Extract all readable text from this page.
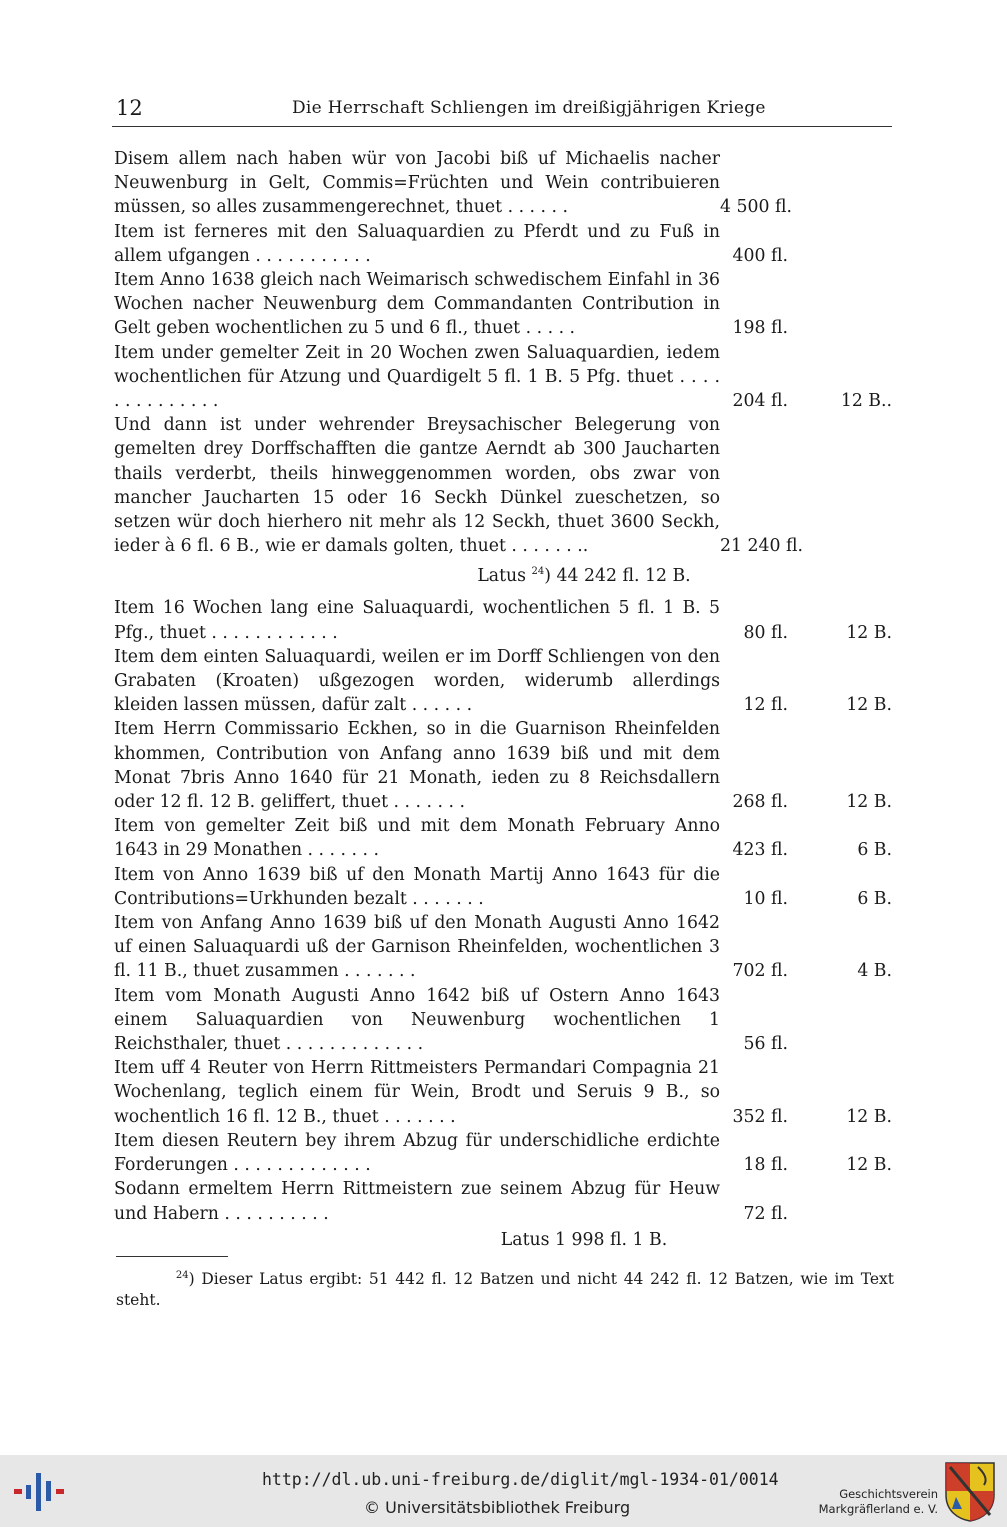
12	Die Herrschaft Schliengen im dreißigjährigen Kriege
Disem allem nach haben wür von Jacobi biß uf Michaelis nacher Neuwenburg in Gelt, Commis=Früchten und Wein contribuieren müssen, so alles zusammengerechnet, thuet . . . . . .	4 500 fl.
Item ist ferneres mit den Saluaquardien zu Pferdt und zu Fuß in allem ufgangen . . . . . . . . . . .	400 fl.
Item Anno 1638 gleich nach Weimarisch schwedischem Einfahl in 36 Wochen nacher Neuwenburg dem Commandanten Contribution in Gelt geben wochentlichen zu 5 und 6 fl., thuet . . . . .	198 fl.
Item under gemelter Zeit in 20 Wochen zwen Saluaquardien, iedem wochentlichen für Atzung und Quardigelt 5 fl. 1 B. 5 Pfg. thuet . . . . . . . . . . . . . .	204 fl.	12 B..
Und dann ist under wehrender Breysachischer Belegerung von gemelten drey Dorffschafften die gantze Aerndt ab 300 Jaucharten thails verderbt, theils hinweggenommen worden, obs zwar von mancher Jaucharten 15 oder 16 Seckh Dünkel zueschetzen, so setzen wür doch hierhero nit mehr als 12 Seckh, thuet 3600 Seckh, ieder à 6 fl. 6 B., wie er damals golten, thuet . . . . . . ..	21 240 fl.
Latus $^{24}$) 44 242 fl. 12 B.
Item 16 Wochen lang eine Saluaquardi, wochentlichen 5 fl. 1 B. 5 Pfg., thuet . . . . . . . . . . . .	80 fl.	12 B.
Item dem einten Saluaquardi, weilen er im Dorff Schliengen von den Grabaten (Kroaten) ußgezogen worden, widerumb allerdings kleiden lassen müssen, dafür zalt . . . . . .	12 fl.	12 B.
Item Herrn Commissario Eckhen, so in die Guarnison Rheinfelden khommen, Contribution von Anfang anno 1639 biß und mit dem Monat 7bris Anno 1640 für 21 Monath, ieden zu 8 Reichsdallern oder 12 fl. 12 B. geliffert, thuet . . . . . . .	268 fl.	12 B.
Item von gemelter Zeit biß und mit dem Monath February Anno 1643 in 29 Monathen . . . . . . .	423 fl.	6 B.
Item von Anno 1639 biß uf den Monath Martij Anno 1643 für die Contributions=Urkhunden bezalt . . . . . . .	10 fl.	6 B.
Item von Anfang Anno 1639 biß uf den Monath Augusti Anno 1642 uf einen Saluaquardi uß der Garnison Rheinfelden, wochentlichen 3 fl. 11 B., thuet zusammen . . . . . . .	702 fl.	4 B.
Item vom Monath Augusti Anno 1642 biß uf Ostern Anno 1643 einem Saluaquardien von Neuwenburg wochentlichen 1 Reichsthaler, thuet . . . . . . . . . . . . .	56 fl.
Item uff 4 Reuter von Herrn Rittmeisters Permandari Compagnia 21 Wochenlang, teglich einem für Wein, Brodt und Seruis 9 B., so wochentlich 16 fl. 12 B., thuet . . . . . . .	352 fl.	12 B.
Item diesen Reutern bey ihrem Abzug für underschidliche erdichte Forderungen . . . . . . . . . . . . .	18 fl.	12 B.
Sodann ermeltem Herrn Rittmeistern zue seinem Abzug für Heuw und Habern . . . . . . . . . .	72 fl.
Latus 1 998 fl. 1 B.
$^{24}$) Dieser Latus ergibt: 51 442 fl. 12 Batzen und nicht 44 242 fl. 12 Batzen, wie im Text steht.
http://dl.ub.uni-freiburg.de/diglit/mgl-1934-01/0014
© Universitätsbibliothek Freiburg
Geschichtsverein
Markgräflerland e. V.
